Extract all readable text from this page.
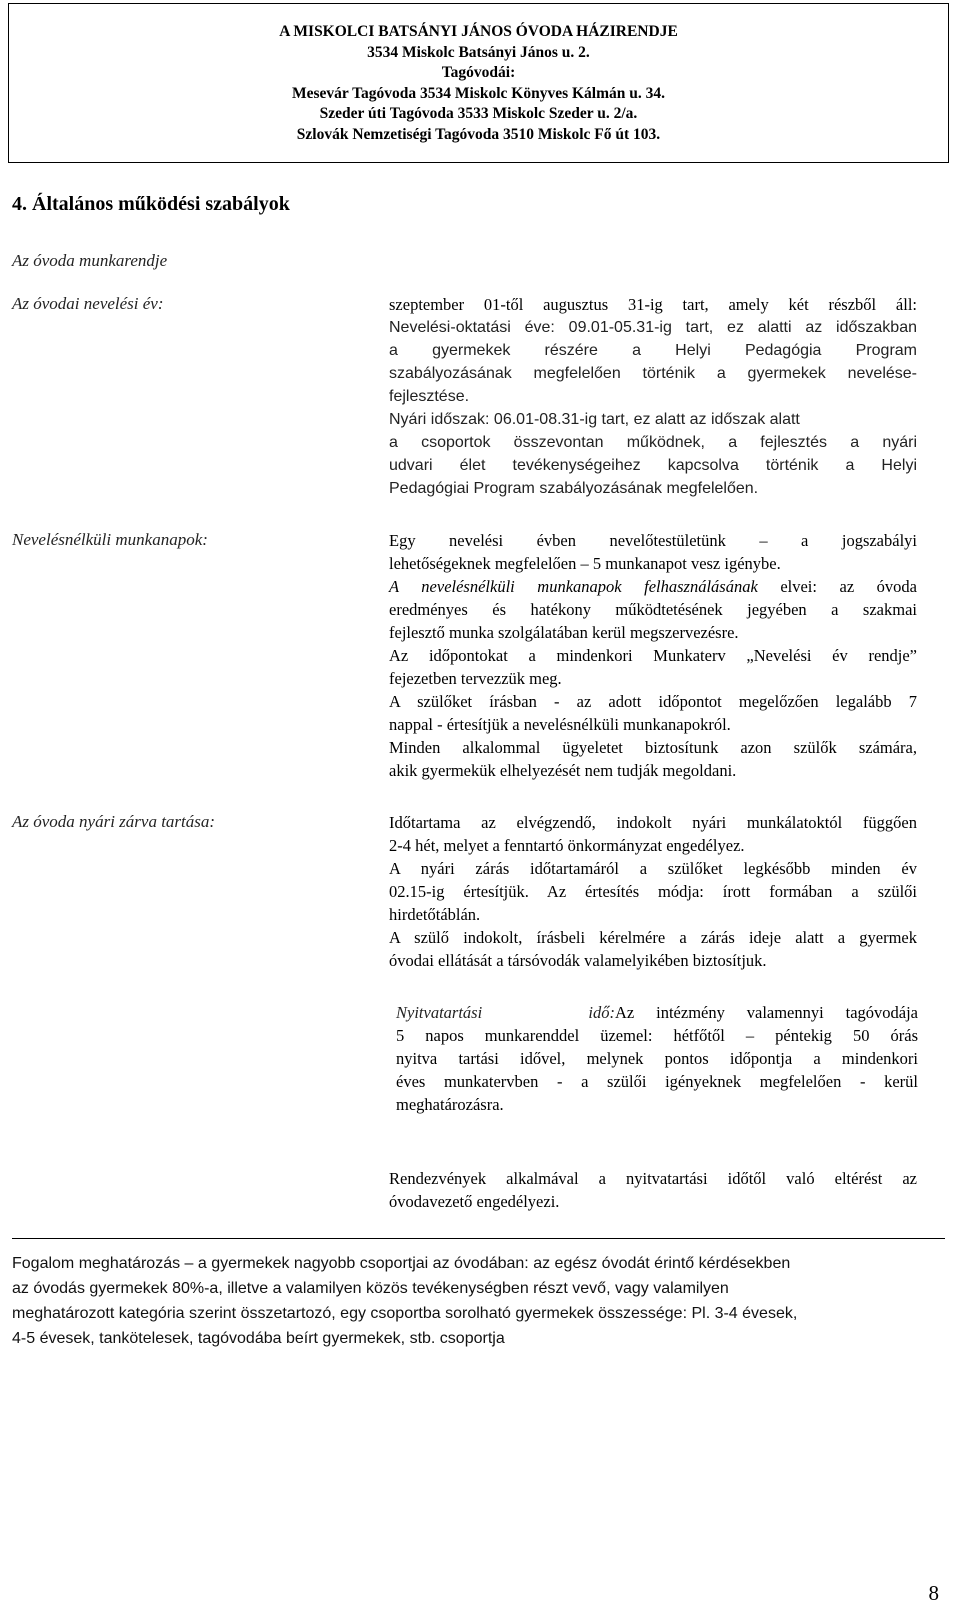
A MISKOLCI BATSÁNYI JÁNOS ÓVODA HÁZIRENDJE
3534 Miskolc Batsányi János u. 2.
Tagóvodái:
Mesevár Tagóvoda 3534 Miskolc Könyves Kálmán u. 34.
Szeder úti Tagóvoda 3533 Miskolc Szeder u. 2/a.
Szlovák Nemzetiségi Tagóvoda 3510 Miskolc Fő út 103.
4. Általános működési szabályok
Az óvoda munkarendje
Az óvodai nevelési év:	szeptember 01-től augusztus 31-ig tart, amely két részből áll:
Nevelési-oktatási éve: 09.01-05.31-ig tart, ez alatti az időszakban
a gyermekek részére a Helyi Pedagógia Program
szabályozásának megfelelően történik a gyermekek nevelése-
fejlesztése.
Nyári időszak: 06.01-08.31-ig tart, ez alatt az időszak alatt
a csoportok összevontan működnek, a fejlesztés a nyári
udvari élet tevékenységeihez kapcsolva történik a Helyi
Pedagógiai Program szabályozásának megfelelően.
Nevelésnélküli munkanapok:	Egy nevelési évben nevelőtestületünk – a jogszabályi
lehetőségeknek megfelelően – 5 munkanapot vesz igénybe.
A nevelésnélküli munkanapok felhasználásának elvei: az óvoda
eredményes és hatékony működtetésének jegyében a szakmai
fejlesztő munka szolgálatában kerül megszervezésre.
Az időpontokat a mindenkori Munkaterv „Nevelési év rendje”
fejezetben tervezzük meg.
A szülőket írásban - az adott időpontot megelőzően legalább 7
nappal - értesítjük a nevelésnélküli munkanapokról.
Minden alkalommal ügyeletet biztosítunk azon szülők számára,
akik gyermekük elhelyezését nem tudják megoldani.
Az óvoda nyári zárva tartása:	Időtartama az elvégzendő, indokolt nyári munkálatoktól függően
2-4 hét, melyet a fenntartó önkormányzat engedélyez.
A nyári zárás időtartamáról a szülőket legkésőbb minden év
02.15-ig értesítjük. Az értesítés módja: írott formában a szülői
hirdetőtáblán.
A szülő indokolt, írásbeli kérelmére a zárás ideje alatt a gyermek
óvodai ellátását a társóvodák valamelyikében biztosítjuk.
Nyitvatartási idő:Az intézmény valamennyi tagóvodája
5 napos munkarenddel üzemel: hétfőtől – péntekig 50 órás
nyitva tartási idővel, melynek pontos időpontja a mindenkori
éves munkatervben - a szülői igényeknek megfelelően - kerül
meghatározásra.
Rendezvények alkalmával a nyitvatartási időtől való eltérést az
óvodavezető engedélyezi.
Fogalom meghatározás – a gyermekek nagyobb csoportjai az óvodában: az egész óvodát érintő kérdésekben
az óvodás gyermekek 80%-a, illetve a valamilyen közös tevékenységben részt vevő, vagy valamilyen
meghatározott kategória szerint összetartozó, egy csoportba sorolható gyermekek összessége: Pl. 3-4 évesek,
4-5 évesek, tankötelesek, tagóvodába beírt gyermekek, stb. csoportja
8
